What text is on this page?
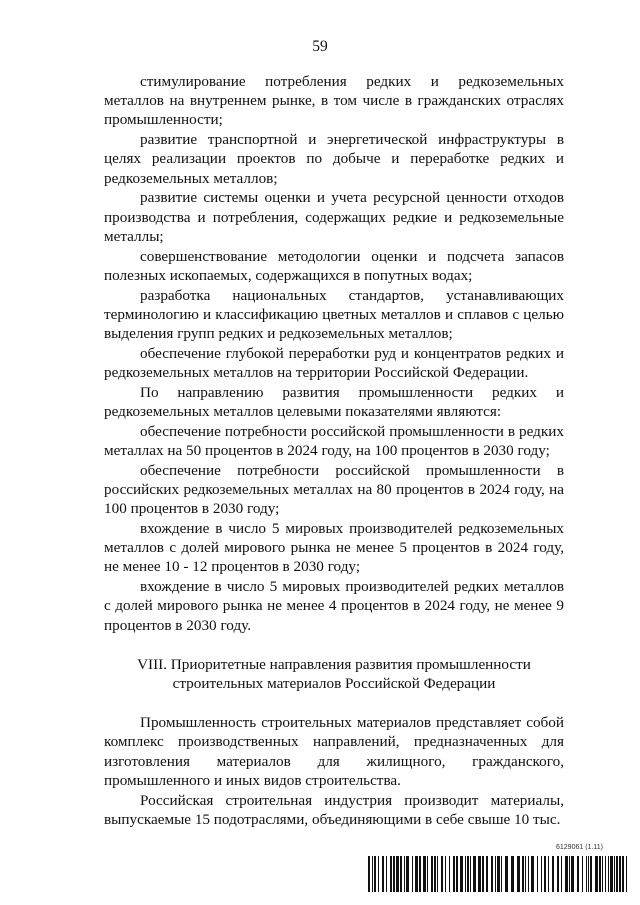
59

стимулирование потребления редких и редкоземельных металлов на внутреннем рынке, в том числе в гражданских отраслях промышленности;

развитие транспортной и энергетической инфраструктуры в целях реализации проектов по добыче и переработке редких и редкоземельных металлов;

развитие системы оценки и учета ресурсной ценности отходов производства и потребления, содержащих редкие и редкоземельные металлы;

совершенствование методологии оценки и подсчета запасов полезных ископаемых, содержащихся в попутных водах;

разработка национальных стандартов, устанавливающих терминологию и классификацию цветных металлов и сплавов с целью выделения групп редких и редкоземельных металлов;

обеспечение глубокой переработки руд и концентратов редких и редкоземельных металлов на территории Российской Федерации.

По направлению развития промышленности редких и редкоземельных металлов целевыми показателями являются:

обеспечение потребности российской промышленности в редких металлах на 50 процентов в 2024 году, на 100 процентов в 2030 году;

обеспечение потребности российской промышленности в российских редкоземельных металлах на 80 процентов в 2024 году, на 100 процентов в 2030 году;

вхождение в число 5 мировых производителей редкоземельных металлов с долей мирового рынка не менее 5 процентов в 2024 году, не менее 10 - 12 процентов в 2030 году;

вхождение в число 5 мировых производителей редких металлов с долей мирового рынка не менее 4 процентов в 2024 году, не менее 9 процентов в 2030 году.

VIII. Приоритетные направления развития промышленности
строительных материалов Российской Федерации

Промышленность строительных материалов представляет собой комплекс производственных направлений, предназначенных для изготовления материалов для жилищного, гражданского, промышленного и иных видов строительства.

Российская строительная индустрия производит материалы, выпускаемые 15 подотраслями, объединяющими в себе свыше 10 тыс.

6129061 (1.11)
